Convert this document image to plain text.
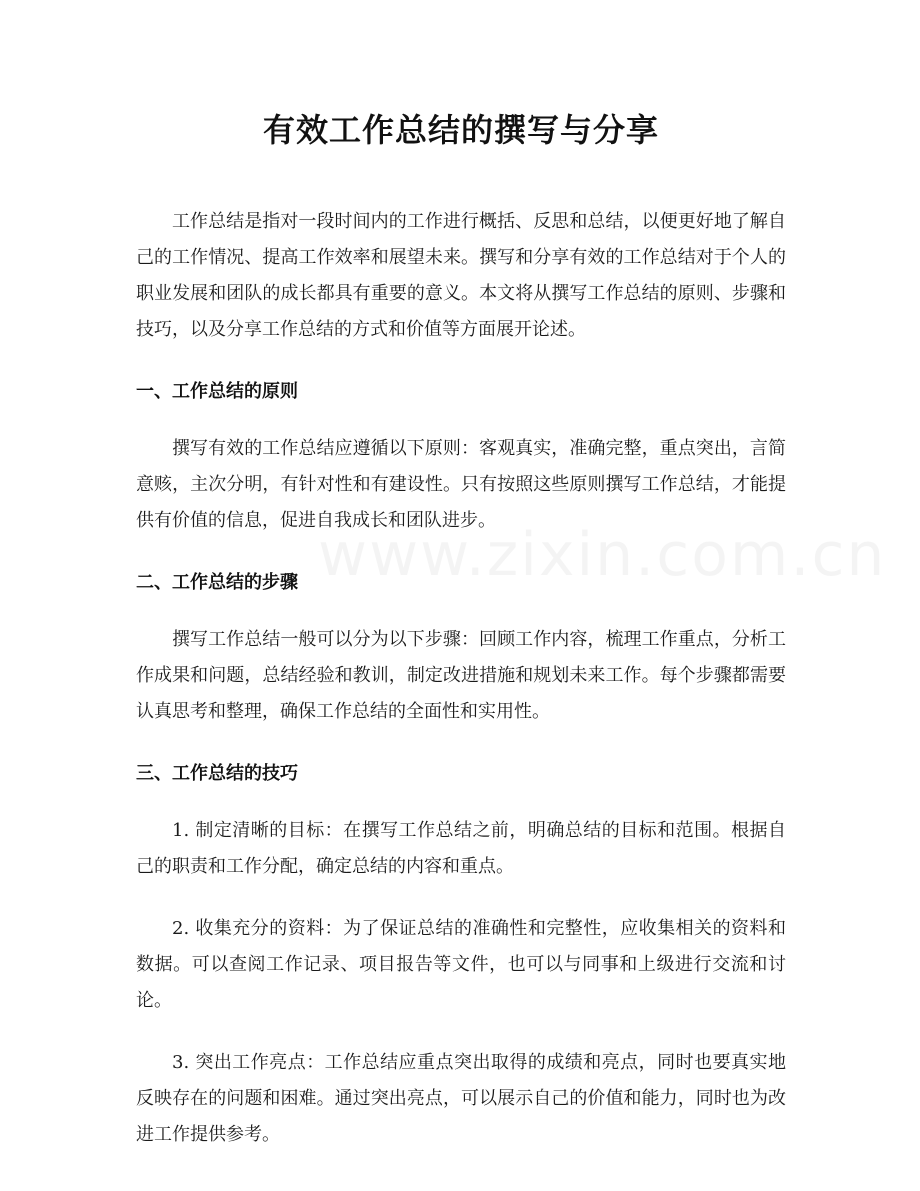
有效工作总结的撰写与分享

工作总结是指对一段时间内的工作进行概括、反思和总结，以便更好地了解自己的工作情况、提高工作效率和展望未来。撰写和分享有效的工作总结对于个人的职业发展和团队的成长都具有重要的意义。本文将从撰写工作总结的原则、步骤和技巧，以及分享工作总结的方式和价值等方面展开论述。

一、工作总结的原则

撰写有效的工作总结应遵循以下原则：客观真实，准确完整，重点突出，言简意赅，主次分明，有针对性和有建设性。只有按照这些原则撰写工作总结，才能提供有价值的信息，促进自我成长和团队进步。

二、工作总结的步骤

撰写工作总结一般可以分为以下步骤：回顾工作内容，梳理工作重点，分析工作成果和问题，总结经验和教训，制定改进措施和规划未来工作。每个步骤都需要认真思考和整理，确保工作总结的全面性和实用性。

三、工作总结的技巧

1. 制定清晰的目标：在撰写工作总结之前，明确总结的目标和范围。根据自己的职责和工作分配，确定总结的内容和重点。

2. 收集充分的资料：为了保证总结的准确性和完整性，应收集相关的资料和数据。可以查阅工作记录、项目报告等文件，也可以与同事和上级进行交流和讨论。

3. 突出工作亮点：工作总结应重点突出取得的成绩和亮点，同时也要真实地反映存在的问题和困难。通过突出亮点，可以展示自己的价值和能力，同时也为改进工作提供参考。
